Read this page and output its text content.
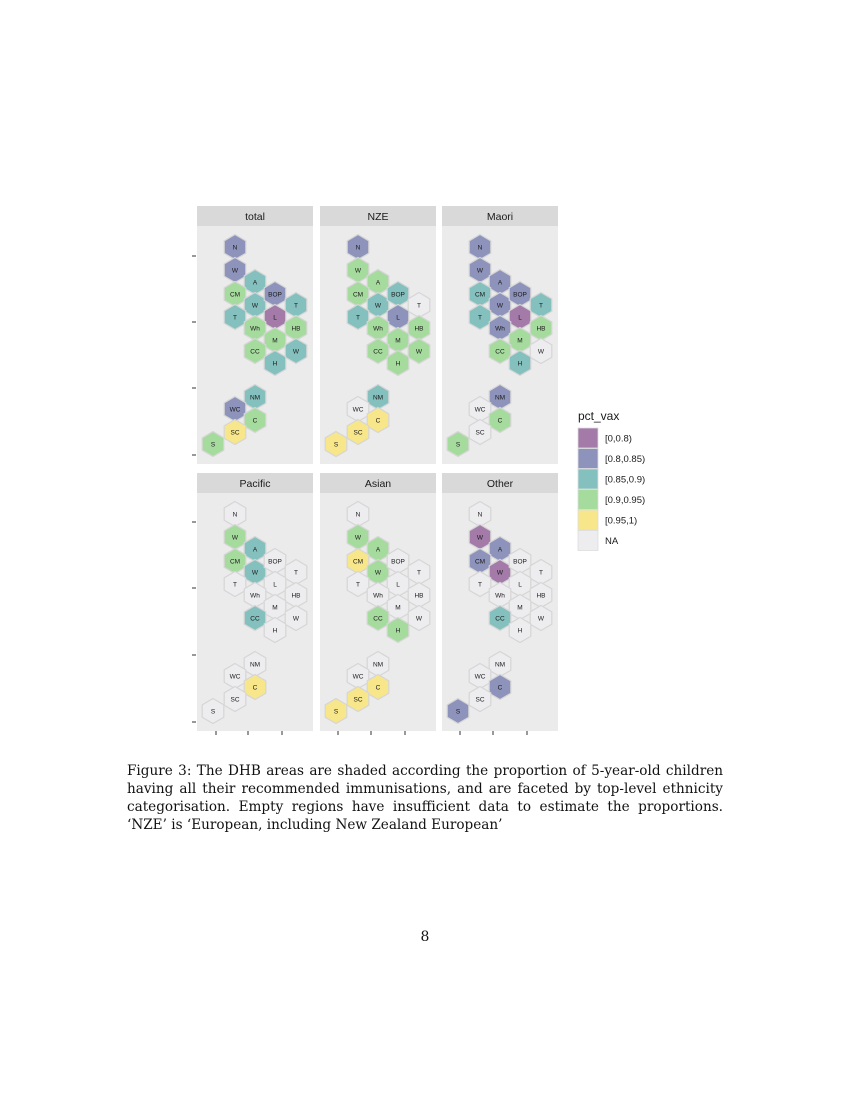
total
N
W
A
CM
W
BOP
T
T	L
Wh	HB
M
CC	W
H
NM
WC
C
SC
S
NZE
N
W
A
CM
W
BOP
T
T	L
Wh	HB
M
CC	W
H
NM
WC
C
SC
S
Maori
N
W
A
CM
W
BOP
T
T	L
Wh	HB
M
CC	W
H
NM
WC
C
SC
S
Pacific
N
W
A
CM
W
BOP
T
T	L
Wh	HB
M
CC	W
H
NM
WC
C
SC
S
Asian
N
W
A
CM
W
BOP
T
T	L
Wh	HB
M
CC	W
H
NM
WC
C
SC
S
Other
N
W
A
CM
W
BOP
T
T	L
Wh	HB
M
CC	W
H
NM
WC
C
SC
S
pct_vax
[0,0.8)
[0.8,0.85)
[0.85,0.9)
[0.9,0.95)
[0.95,1)
NA
Figure 3: The DHB areas are shaded according the proportion of 5-year-old children having all their recommended immunisations, and are faceted by top-level ethnicity categorisation. Empty regions have insufficient data to estimate the proportions. ‘NZE’ is ‘European, including New Zealand European’
8
